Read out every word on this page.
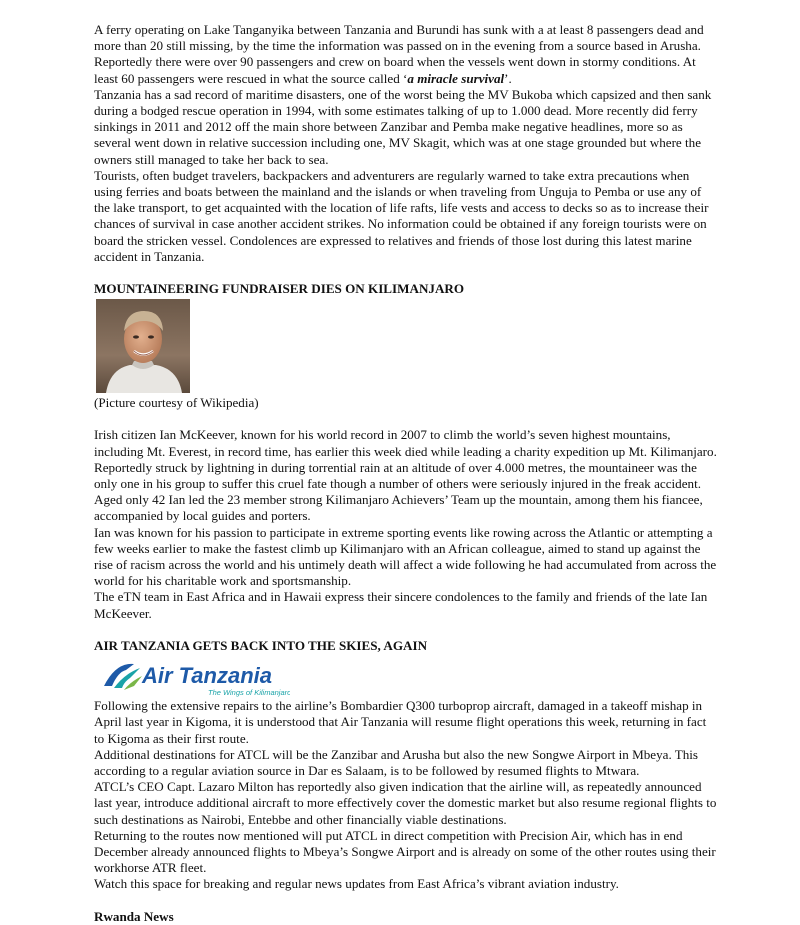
A ferry operating on Lake Tanganyika between Tanzania and Burundi has sunk with a at least 8 passengers dead and more than 20 still missing, by the time the information was passed on in the evening from a source based in Arusha. Reportedly there were over 90 passengers and crew on board when the vessels went down in stormy conditions. At least 60 passengers were rescued in what the source called ‘a miracle survival’.

Tanzania has a sad record of maritime disasters, one of the worst being the MV Bukoba which capsized and then sank during a bodged rescue operation in 1994, with some estimates talking of up to 1.000 dead. More recently did ferry sinkings in 2011 and 2012 off the main shore between Zanzibar and Pemba make negative headlines, more so as several went down in relative succession including one, MV Skagit, which was at one stage grounded but where the owners still managed to take her back to sea.

Tourists, often budget travelers, backpackers and adventurers are regularly warned to take extra precautions when using ferries and boats between the mainland and the islands or when traveling from Unguja to Pemba or use any of the lake transport, to get acquainted with the location of life rafts, life vests and access to decks so as to increase their chances of survival in case another accident strikes. No information could be obtained if any foreign tourists were on board the stricken vessel. Condolences are expressed to relatives and friends of those lost during this latest marine accident in Tanzania.

MOUNTAINEERING FUNDRAISER DIES ON KILIMANJARO

(Picture courtesy of Wikipedia)

Irish citizen Ian McKeever, known for his world record in 2007 to climb the world’s seven highest mountains, including Mt. Everest, in record time, has earlier this week died while leading a charity expedition up Mt. Kilimanjaro. Reportedly struck by lightning in during torrential rain at an altitude of over 4.000 metres, the mountaineer was the only one in his group to suffer this cruel fate though a number of others were seriously injured in the freak accident. Aged only 42 Ian led the 23 member strong Kilimanjaro Achievers’ Team up the mountain, among them his fiancee, accompanied by local guides and porters.

Ian was known for his passion to participate in extreme sporting events like rowing across the Atlantic or attempting a few weeks earlier to make the fastest climb up Kilimanjaro with an African colleague, aimed to stand up against the rise of racism across the world and his untimely death will affect a wide following he had accumulated from across the world for his charitable work and sportsmanship.

The eTN team in East Africa and in Hawaii express their sincere condolences to the family and friends of the late Ian McKeever.

AIR TANZANIA GETS BACK INTO THE SKIES, AGAIN
Air Tanzania
The Wings of Kilimanjaro

Following the extensive repairs to the airline’s Bombardier Q300 turboprop aircraft, damaged in a takeoff mishap in April last year in Kigoma, it is understood that Air Tanzania will resume flight operations this week, returning in fact to Kigoma as their first route.

Additional destinations for ATCL will be the Zanzibar and Arusha but also the new Songwe Airport in Mbeya. This according to a regular aviation source in Dar es Salaam, is to be followed by resumed flights to Mtwara.

ATCL’s CEO Capt. Lazaro Milton has reportedly also given indication that the airline will, as repeatedly announced last year, introduce additional aircraft to more effectively cover the domestic market but also resume regional flights to such destinations as Nairobi, Entebbe and other financially viable destinations.

Returning to the routes now mentioned will put ATCL in direct competition with Precision Air, which has in end December already announced flights to Mbeya’s Songwe Airport and is already on some of the other routes using their workhorse ATR fleet.

Watch this space for breaking and regular news updates from East Africa’s vibrant aviation industry.

Rwanda News
